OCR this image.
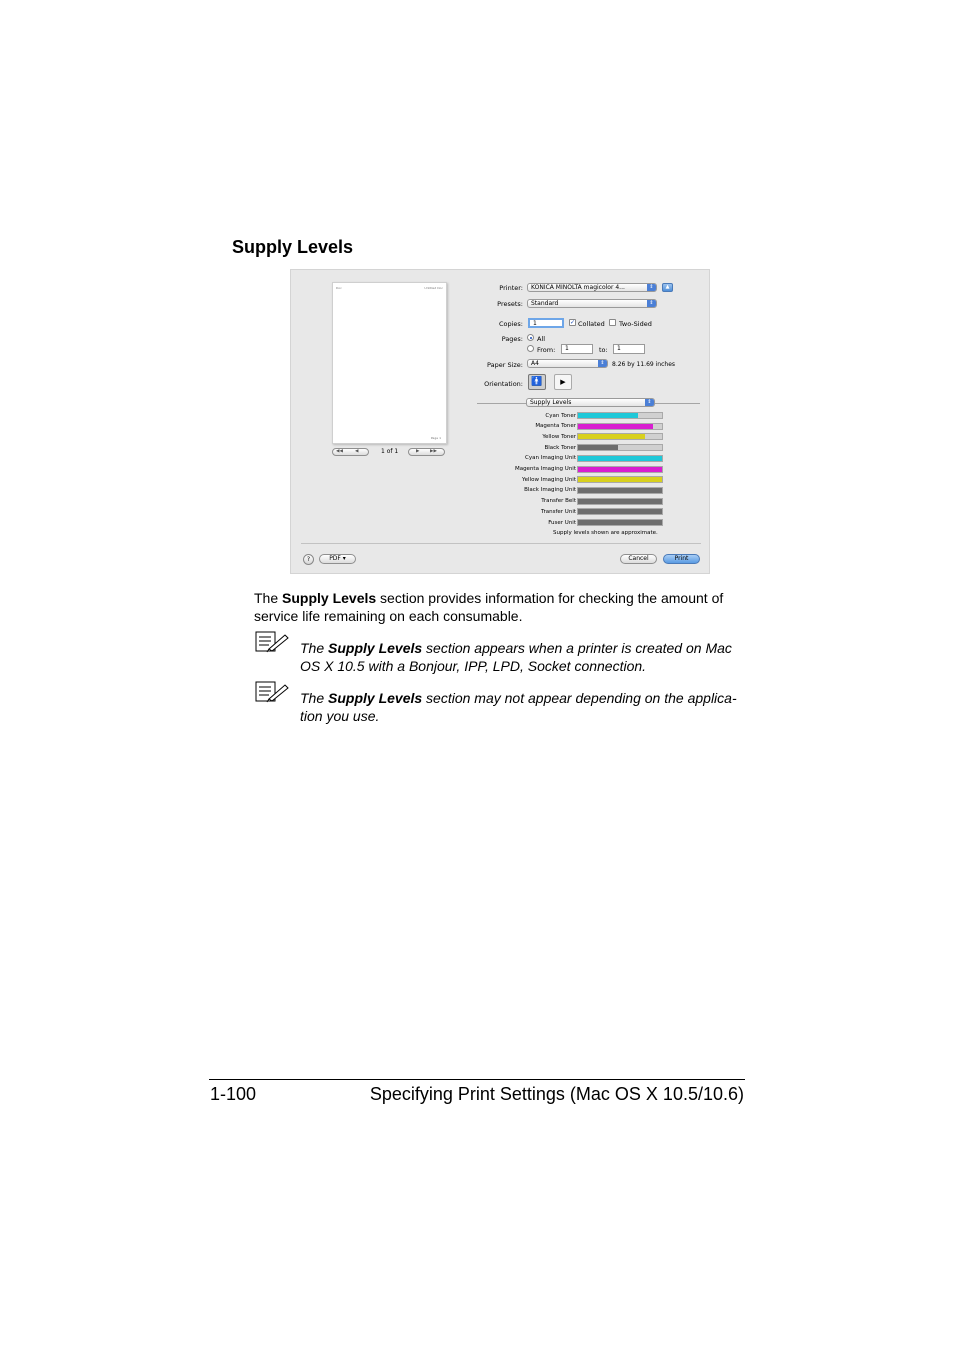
Supply Levels
Doc	Untitled Doc
Page 1
◀◀	◀	1 of 1	▶ ▶▶
Printer: KONICA MINOLTA magicolor 4...	⇕	▲
Presets: Standard	⇕
Copies:	1	✓ Collated Two-Sided
Pages: All
From:	1	to:	1
Paper Size: A4	⇕	8.26 by 11.69 inches
Orientation: 🚹	▶
Supply Levels	⇕
Supply levels shown are approximate.
?	PDF ▾	Cancel	Print
Cyan Toner
Magenta Toner
Yellow Toner
Black Toner
Cyan Imaging Unit
Magenta Imaging Unit
Yellow Imaging Unit
Black Imaging Unit
Transfer Belt
Transfer Unit
Fuser Unit
The Supply Levels section provides information for checking the amount of
service life remaining on each consumable.
The Supply Levels section appears when a printer is created on Mac
OS X 10.5 with a Bonjour, IPP, LPD, Socket connection.
The Supply Levels section may not appear depending on the applica-
tion you use.
1-100	Specifying Print Settings (Mac OS X 10.5/10.6)
